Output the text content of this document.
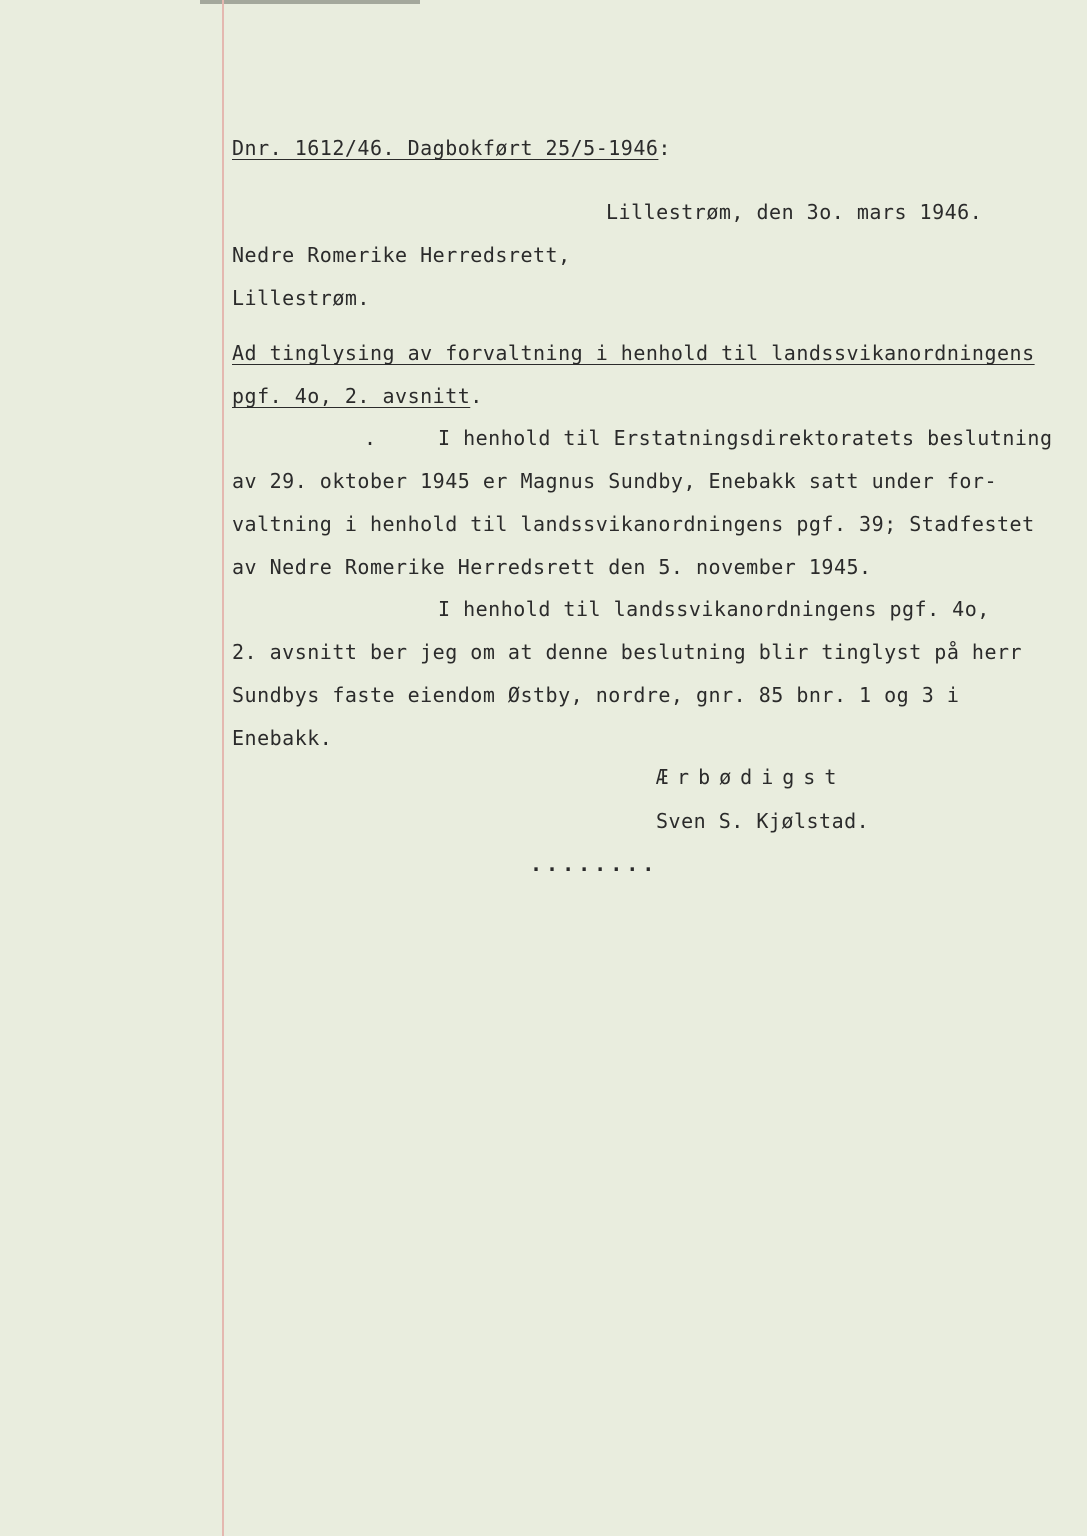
Dnr. 1612/46. Dagbokført 25/5-1946:
Lillestrøm, den 3o. mars 1946.
Nedre Romerike Herredsrett,
Lillestrøm.
Ad tinglysing av forvaltning i henhold til landssvikanordningens
pgf. 4o, 2. avsnitt.
.	I henhold til Erstatningsdirektoratets beslutning
av 29. oktober 1945 er Magnus Sundby, Enebakk satt under for-
valtning i henhold til landssvikanordningens pgf. 39; Stadfestet
av Nedre Romerike Herredsrett den 5. november 1945.
I henhold til landssvikanordningens pgf. 4o,
2. avsnitt ber jeg om at denne beslutning blir tinglyst på herr
Sundbys faste eiendom Østby, nordre, gnr. 85 bnr. 1 og 3 i
Enebakk.
Ærbødigst
Sven S. Kjølstad.
........
